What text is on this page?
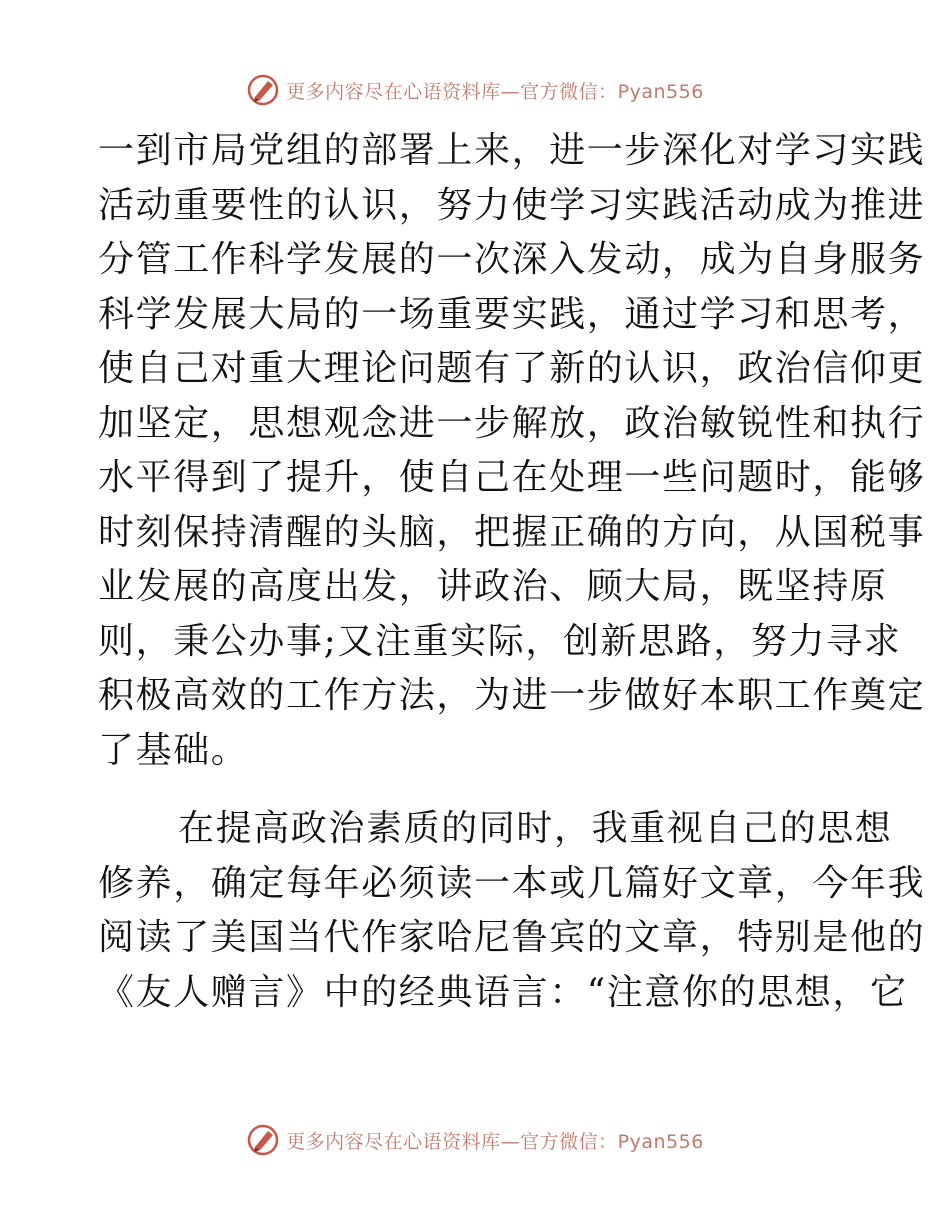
更多内容尽在心语资料库—官方微信：Pyan556
一到市局党组的部署上来，进一步深化对学习实践
活动重要性的认识，努力使学习实践活动成为推进
分管工作科学发展的一次深入发动，成为自身服务
科学发展大局的一场重要实践，通过学习和思考，
使自己对重大理论问题有了新的认识，政治信仰更
加坚定，思想观念进一步解放，政治敏锐性和执行
水平得到了提升，使自己在处理一些问题时，能够
时刻保持清醒的头脑，把握正确的方向，从国税事
业发展的高度出发，讲政治、顾大局，既坚持原
则，秉公办事;又注重实际，创新思路，努力寻求
积极高效的工作方法，为进一步做好本职工作奠定
了基础。
在提高政治素质的同时，我重视自己的思想
修养，确定每年必须读一本或几篇好文章，今年我
阅读了美国当代作家哈尼鲁宾的文章，特别是他的
《友人赠言》中的经典语言：“注意你的思想，它
更多内容尽在心语资料库—官方微信：Pyan556
